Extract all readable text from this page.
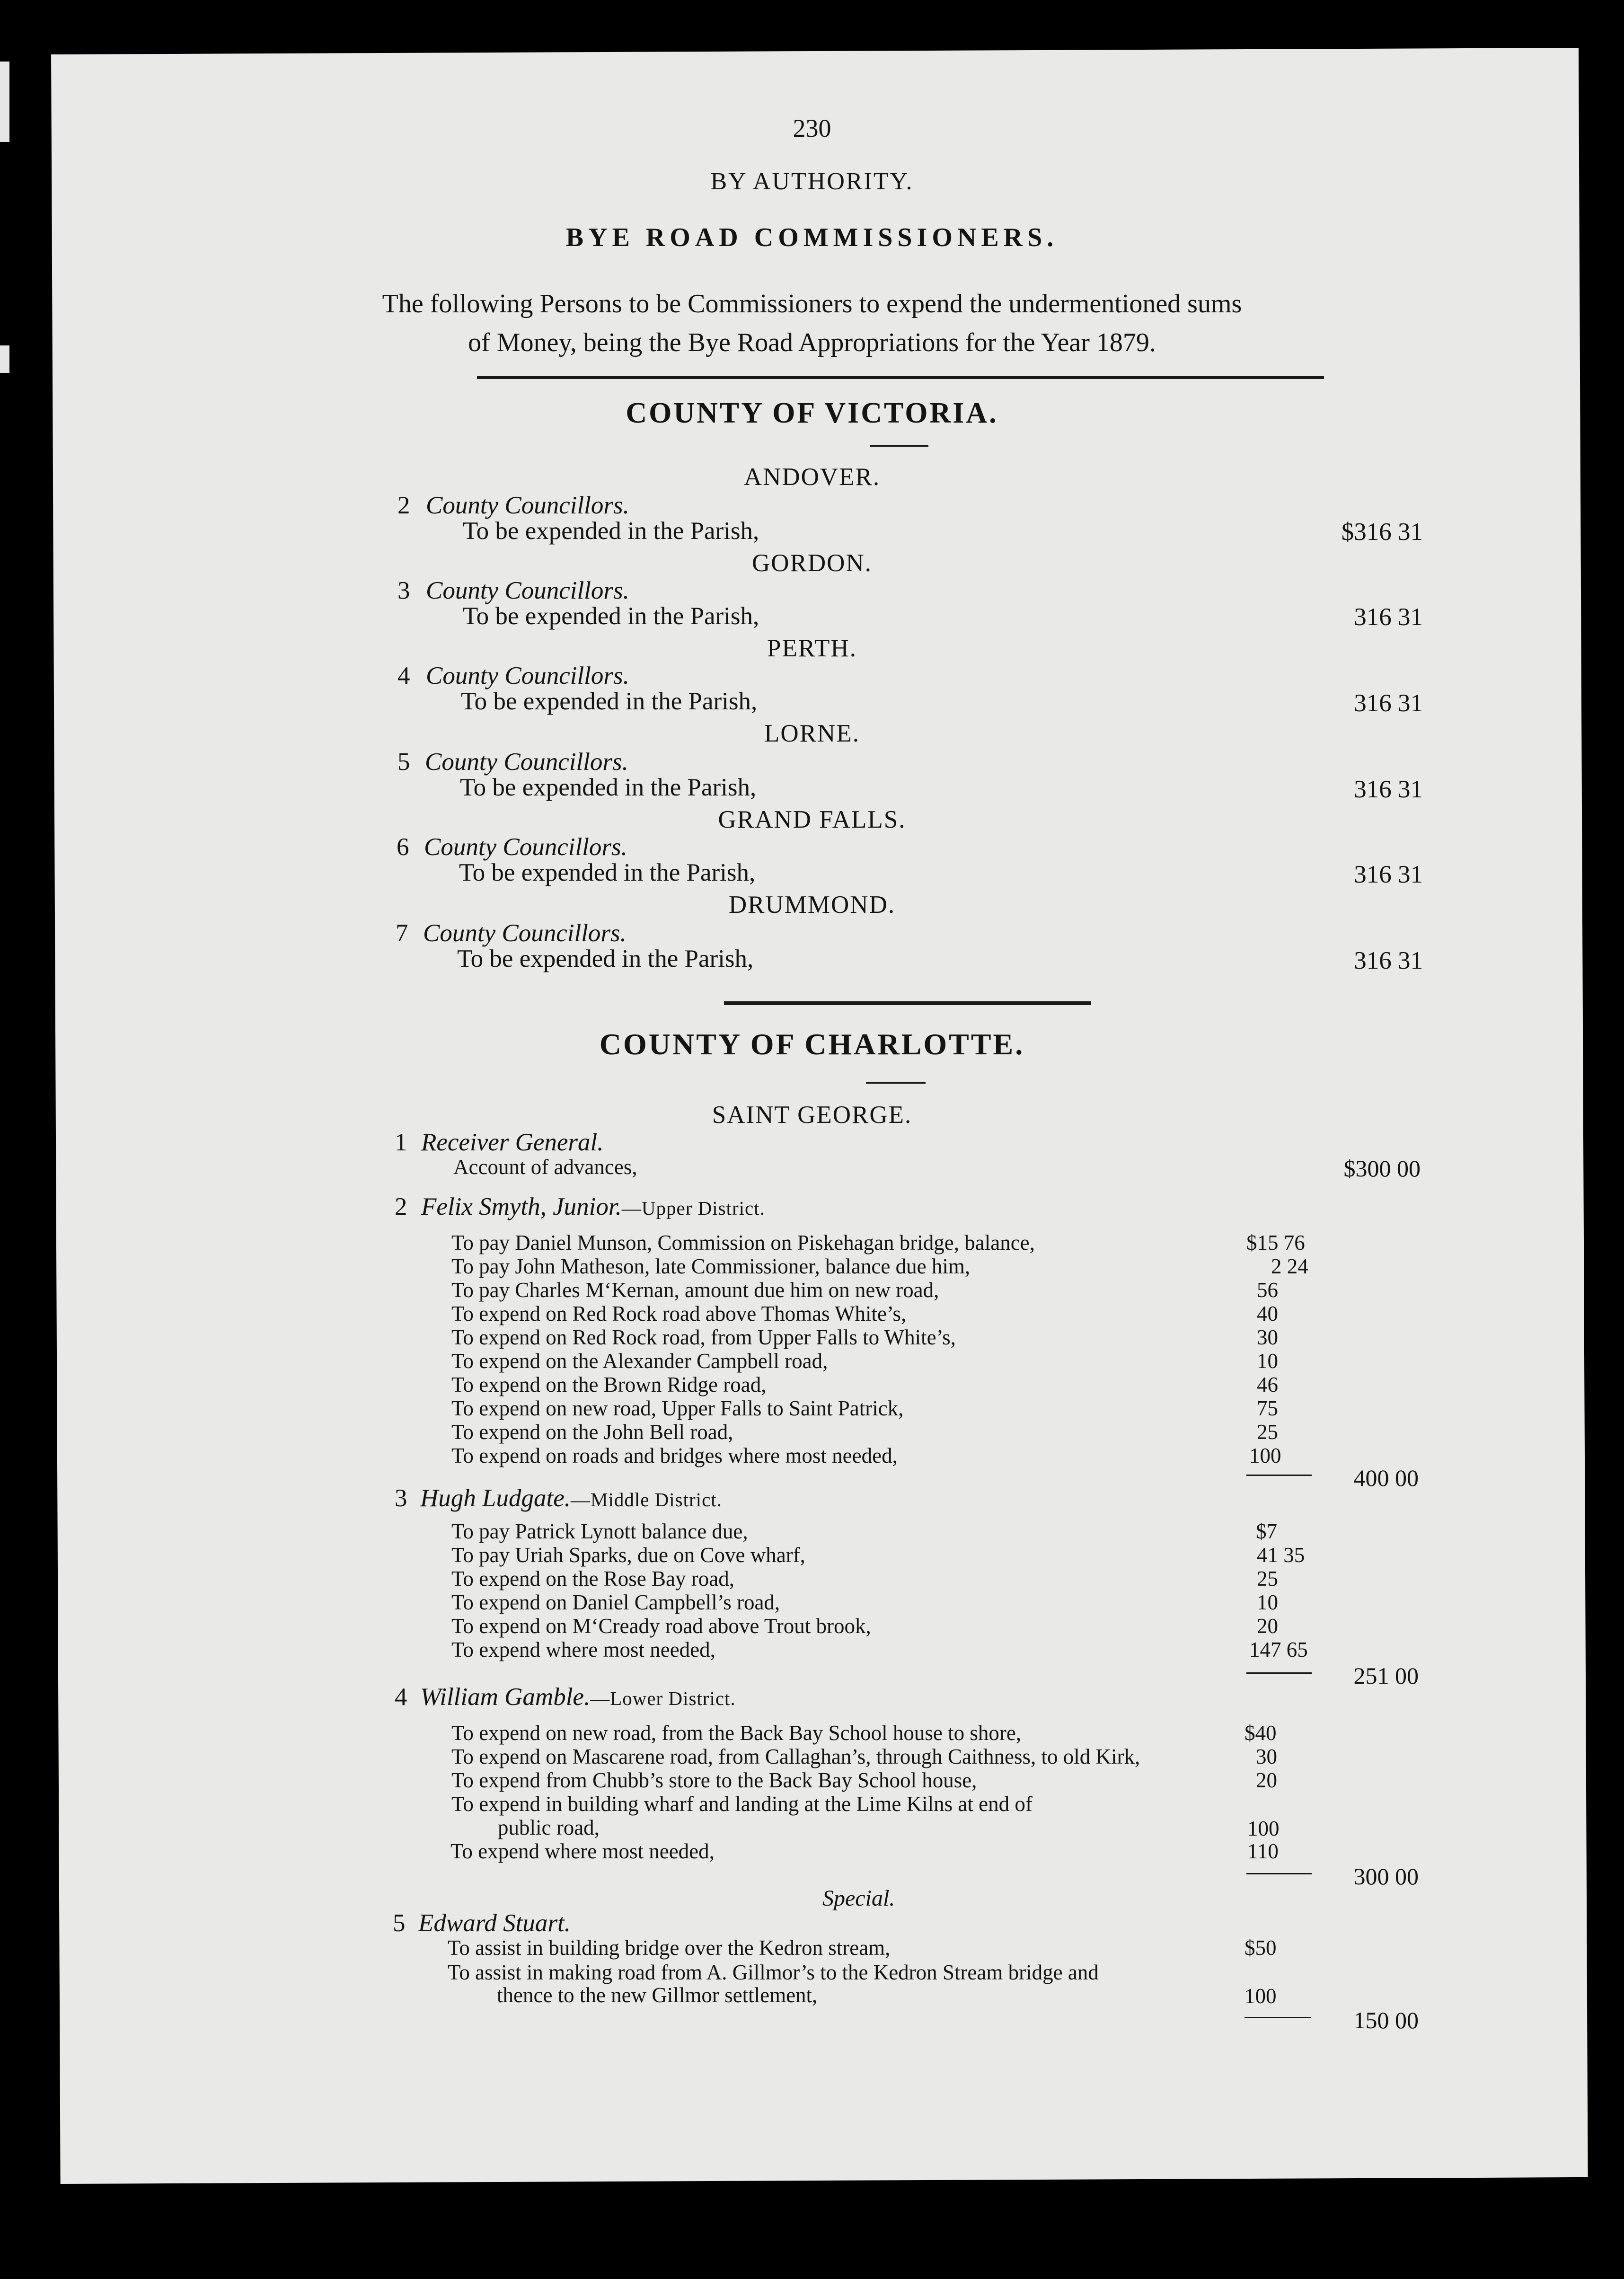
230
BY AUTHORITY.
BYE ROAD COMMISSIONERS.
The following Persons to be Commissioners to expend the undermentioned sums
of Money, being the Bye Road Appropriations for the Year 1879.
COUNTY OF VICTORIA.
ANDOVER.
2 County Councillors.
To be expended in the Parish,	$316 31
GORDON.
3 County Councillors.
To be expended in the Parish,	316 31
PERTH.
4 County Councillors.
To be expended in the Parish,	316 31
LORNE.
5 County Councillors.
To be expended in the Parish,	316 31
GRAND FALLS.
6 County Councillors.
To be expended in the Parish,	316 31
DRUMMOND.
7 County Councillors.
To be expended in the Parish,	316 31
COUNTY OF CHARLOTTE.
SAINT GEORGE.
1 Receiver General.
Account of advances,	$300 00
2 Felix Smyth, Junior.—Upper District.
To pay Daniel Munson, Commission on Piskehagan bridge, balance,	$15 76
To pay John Matheson, late Commissioner, balance due him,	2 24
To pay Charles M‘Kernan, amount due him on new road,	56
To expend on Red Rock road above Thomas White’s,	40
To expend on Red Rock road, from Upper Falls to White’s,	30
To expend on the Alexander Campbell road,	10
To expend on the Brown Ridge road,	46
To expend on new road, Upper Falls to Saint Patrick,	75
To expend on the John Bell road,	25
To expend on roads and bridges where most needed,	100
400 00
3 Hugh Ludgate.—Middle District.
To pay Patrick Lynott balance due,	$7
To pay Uriah Sparks, due on Cove wharf,	41 35
To expend on the Rose Bay road,	25
To expend on Daniel Campbell’s road,	10
To expend on M‘Cready road above Trout brook,	20
To expend where most needed,	147 65
251 00
4 William Gamble.—Lower District.
To expend on new road, from the Back Bay School house to shore,	$40
To expend on Mascarene road, from Callaghan’s, through Caithness, to old Kirk,	30
To expend from Chubb’s store to the Back Bay School house,	20
To expend in building wharf and landing at the Lime Kilns at end of
public road,	100
To expend where most needed,	110
300 00
Special.
5 Edward Stuart.
To assist in building bridge over the Kedron stream,	$50
To assist in making road from A. Gillmor’s to the Kedron Stream bridge and
thence to the new Gillmor settlement,	100
150 00
